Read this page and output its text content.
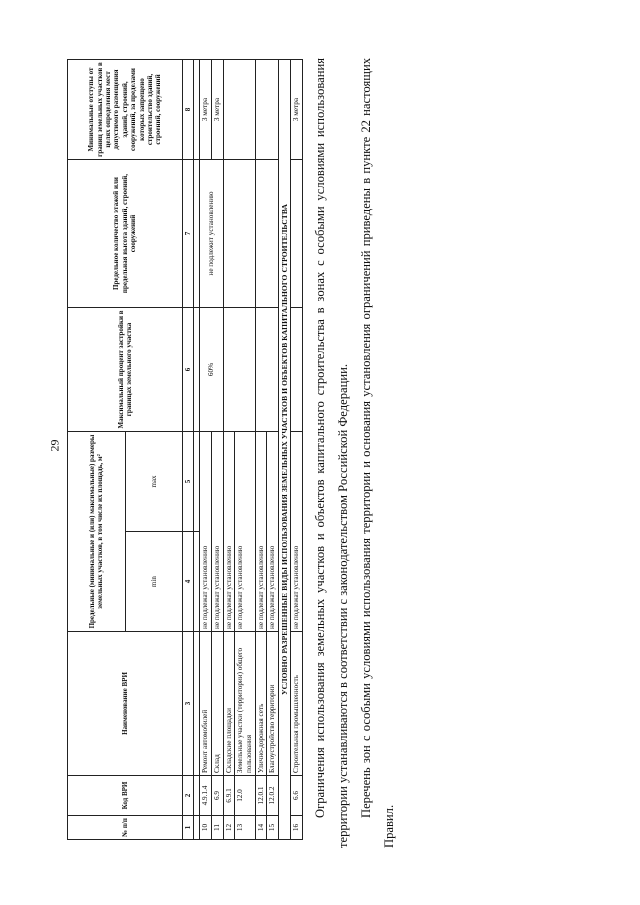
29
№ п/п	Код ВРИ	Наименование ВРИ	Предельные (минимальные и (или) максимальные) размеры земельных участков, в том числе их площадь, м²		Максимальный процент застройки в границах земельного участка	Предельное количество этажей или предельная высота зданий, строений, сооружений	Минимальные отступы от границ земельных участков в целях определения мест допустимого размещения зданий, строений, сооружений, за пределами которых запрещено строительство зданий, строений, сооружений
			min	max			
1	2	3	4	5	6	7	8

10	4.9.1.4	Ремонт автомобилей	не подлежат установлению		60%	не подлежит установлению	3 метра
11	6.9	Склад	не подлежат установлению				3 метра
12	6.9.1	Складские площадки	не подлежат установлению				
13	12.0	Земельные участки (территории) общего пользования	не подлежат установлению				
14	12.0.1	Улично-дорожная сеть	не подлежат установлению				
15	12.0.2	Благоустройство территории	не подлежат установлению				
УСЛОВНО РАЗРЕШЕННЫЕ ВИДЫ ИСПОЛЬЗОВАНИЯ ЗЕМЕЛЬНЫХ УЧАСТКОВ И ОБЪЕКТОВ КАПИТАЛЬНОГО СТРОИТЕЛЬСТВА							
16	6.6	Строительная промышленность	не подлежат установлению				3 метра	Ограничения использования земельных участков и объектов капитального строительства в зонах с особыми условиями использования территории устанавливаются в соответствии с законодательством Российской Федерации. Перечень зон с особыми условиями использования территории и основания установления ограничений приведены в пункте 22 настоящих Правил.
